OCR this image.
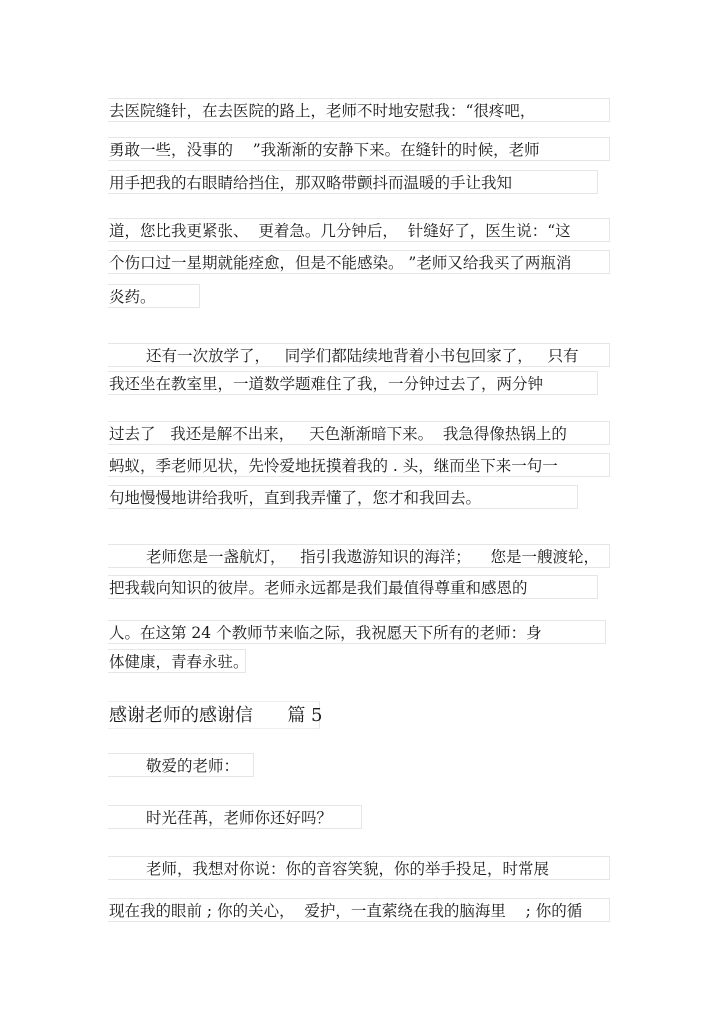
去医院缝针，在去医院的路上，老师不时地安慰我：“很疼吧，
勇敢一些，没事的    ”我渐渐的安静下来。在缝针的时候，老师
用手把我的右眼睛给挡住，那双略带颤抖而温暖的手让我知
道，您比我更紧张、  更着急。几分钟后，  针缝好了，医生说：“这
个伤口过一星期就能痊愈，但是不能感染。 ”老师又给我买了两瓶消
炎药。
还有一次放学了，   同学们都陆续地背着小书包回家了，   只有
我还坐在教室里，一道数学题难住了我，一分钟过去了，两分钟
过去了   我还是解不出来，   天色渐渐暗下来。  我急得像热锅上的
蚂蚁，季老师见状，先怜爱地抚摸着我的 . 头，继而坐下来一句一
句地慢慢地讲给我听，直到我弄懂了，您才和我回去。
老师您是一盏航灯，   指引我遨游知识的海洋；    您是一艘渡轮，
把我载向知识的彼岸。老师永远都是我们最值得尊重和感恩的
人。在这第 24 个教师节来临之际，我祝愿天下所有的老师：身
体健康，青春永驻。
感谢老师的感谢信      篇 5
敬爱的老师：
时光荏苒，老师你还好吗？
老师，我想对你说：你的音容笑貌，你的举手投足，时常展
现在我的眼前 ; 你的关心，  爱护，一直萦绕在我的脑海里    ; 你的循
